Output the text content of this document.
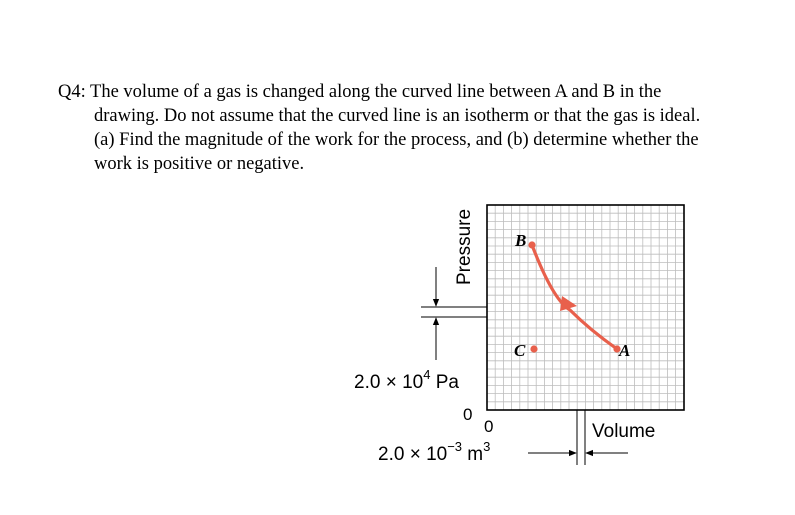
Q4: The volume of a gas is changed along the curved line between A and B in the
drawing. Do not assume that the curved line is an isotherm or that the gas is ideal.
(a) Find the magnitude of the work for the process, and (b) determine whether the
work is positive or negative.
Pressure
$2.0 \times 10^4$ Pa
0
0	Volume
$2.0 \times 10^{-3}$ $m^3$
B
A
C
